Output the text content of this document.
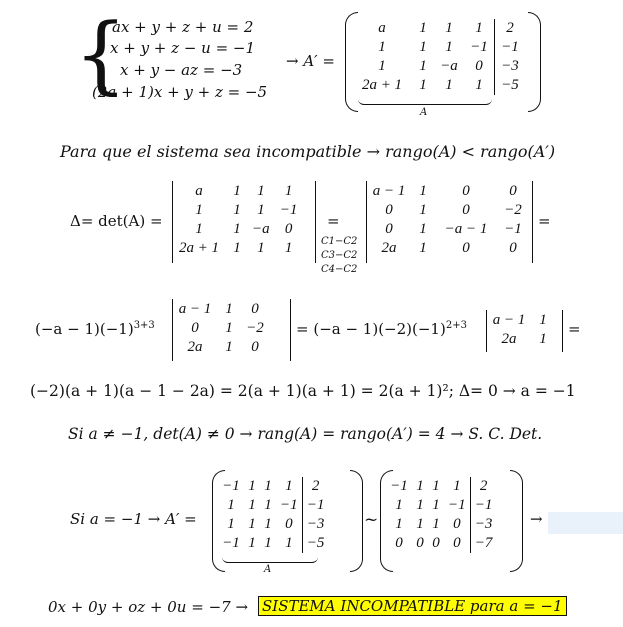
{
ax + y + z + u = 2
x + y + z − u = −1
x + y − az = −3
(2a + 1)x + y + z = −5
→ A′ =
a	1	1	1	2
1	1	1	−1	−1
1	1	−a	0	−3
2a + 1	1	1	1	−5
A
Para que el sistema sea incompatible → rango(A) < rango(A′)
Δ= det(A) =
a	1	1	1
1	1	1	−1
1	1	−a	0
2a + 1	1	1	1
=
C1−C2
C3−C2
C4−C2
a − 1	1	0	0
0	1	0	−2
0	1	−a − 1	−1
2a	1	0	0
=
$(-a - 1)(-1)^{3+3}$
a − 1	1	0
0	1	−2
2a	1	0
= $(-a - 1)(-2)(-1)^{2+3}$ a − 1	1
2a	1
=
(−2)(a + 1)(a − 1 − 2a) = 2(a + 1)(a + 1) = 2(a + 1)²; Δ= 0 → a = −1
Si a ≠ −1, det(A) ≠ 0 → rang(A) = rango(A′) = 4 → S. C. Det.
Si a = −1 → A′ =
−1	1	1	1	2
1	1	1	−1	−1
1	1	1	0	−3
−1	1	1	1	−5
A
~
−1	1	1	1	2
1	1	1	−1	−1
1	1	1	0	−3
0	0	0	0	−7
→
0x + 0y + oz + 0u = −7 → SISTEMA INCOMPATIBLE para a = −1
